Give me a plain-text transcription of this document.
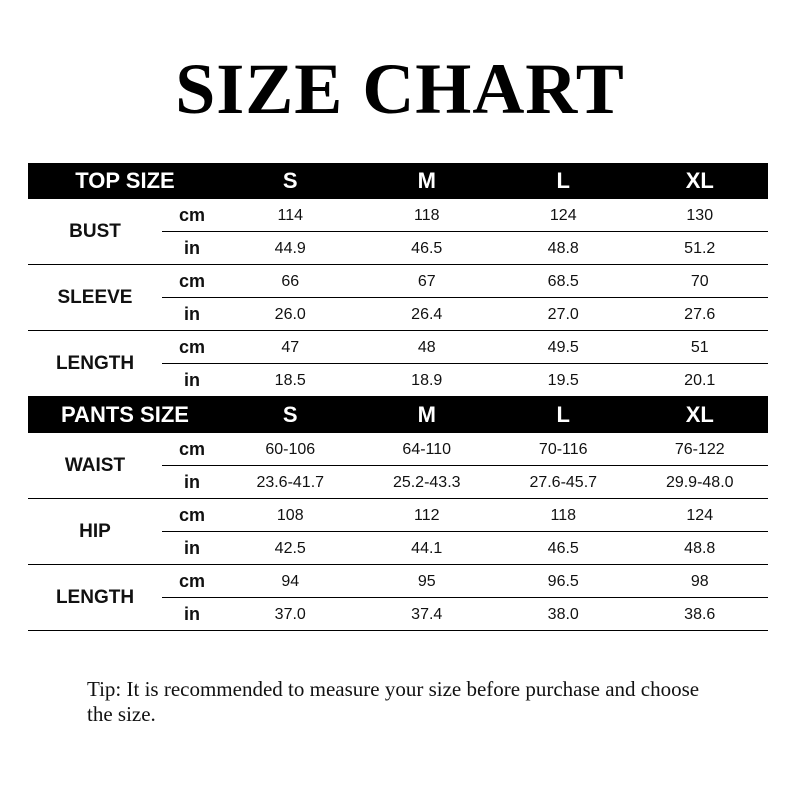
SIZE CHART
TOP SIZE	S	M	L	XL
BUST
cm	114	118	124	130
in	44.9	46.5	48.8	51.2
SLEEVE
cm	66	67	68.5	70
in	26.0	26.4	27.0	27.6
LENGTH
cm	47	48	49.5	51
in	18.5	18.9	19.5	20.1
PANTS SIZE	S	M	L	XL
WAIST
cm	60-106	64-110	70-116	76-122
in	23.6-41.7	25.2-43.3	27.6-45.7	29.9-48.0
HIP
cm	108	112	118	124
in	42.5	44.1	46.5	48.8
LENGTH
cm	94	95	96.5	98
in	37.0	37.4	38.0	38.6
Tip: It is recommended to measure your size before purchase and choose the size.
